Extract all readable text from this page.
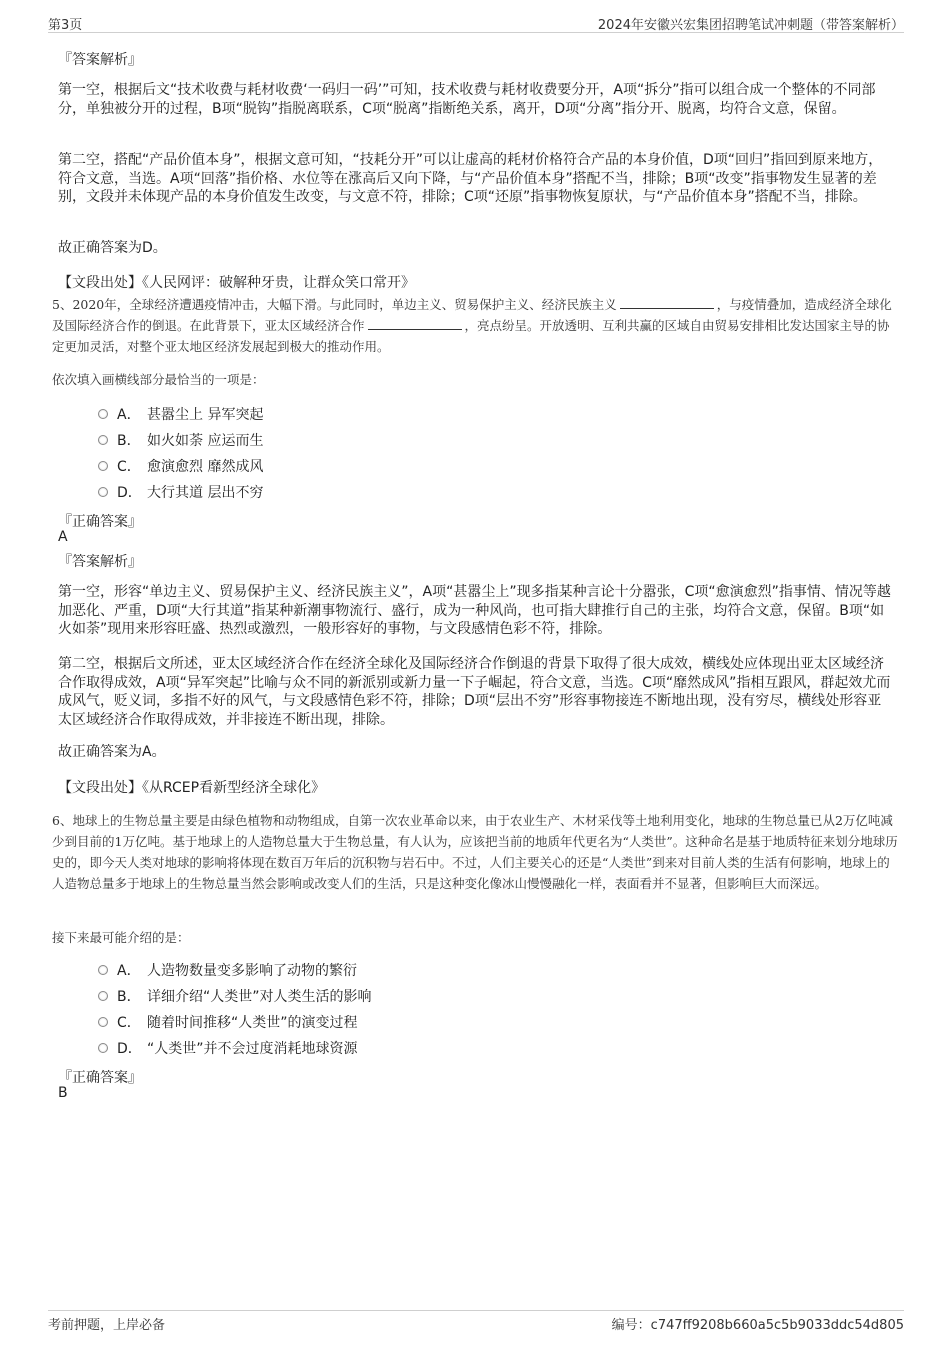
第3页	2024年安徽兴宏集团招聘笔试冲刺题（带答案解析）
『答案解析』
第一空，根据后文“技术收费与耗材收费‘一码归一码’”可知，技术收费与耗材收费要分开，A项“拆分”指可以组合成一个整体的不同部分，单独被分开的过程，B项“脱钩”指脱离联系，C项“脱离”指断绝关系，离开，D项“分离”指分开、脱离，均符合文意，保留。
第二空，搭配“产品价值本身”，根据文意可知，“技耗分开”可以让虚高的耗材价格符合产品的本身价值，D项“回归”指回到原来地方，符合文意，当选。A项“回落”指价格、水位等在涨高后又向下降，与“产品价值本身”搭配不当，排除；B项“改变”指事物发生显著的差别，文段并未体现产品的本身价值发生改变，与文意不符，排除；C项“还原”指事物恢复原状，与“产品价值本身”搭配不当，排除。
故正确答案为D。
【文段出处】《人民网评：破解种牙贵，让群众笑口常开》
5、2020年，全球经济遭遇疫情冲击，大幅下滑。与此同时，单边主义、贸易保护主义、经济民族主义	，与疫情叠加，造成经济全球化及国际经济合作的倒退。在此背景下，亚太区域经济合作	，亮点纷呈。开放透明、互利共赢的区域自由贸易安排相比发达国家主导的协定更加灵活，对整个亚太地区经济发展起到极大的推动作用。
依次填入画横线部分最恰当的一项是：
A． 甚嚣尘上 异军突起
B． 如火如荼 应运而生
C． 愈演愈烈 靡然成风
D． 大行其道 层出不穷
『正确答案』
A
『答案解析』
第一空，形容“单边主义、贸易保护主义、经济民族主义”，A项“甚嚣尘上”现多指某种言论十分嚣张，C项“愈演愈烈”指事情、情况等越加恶化、严重，D项“大行其道”指某种新潮事物流行、盛行，成为一种风尚，也可指大肆推行自己的主张，均符合文意，保留。B项“如火如荼”现用来形容旺盛、热烈或激烈，一般形容好的事物，与文段感情色彩不符，排除。
第二空，根据后文所述，亚太区域经济合作在经济全球化及国际经济合作倒退的背景下取得了很大成效，横线处应体现出亚太区域经济合作取得成效，A项“异军突起”比喻与众不同的新派别或新力量一下子崛起，符合文意，当选。C项“靡然成风”指相互跟风，群起效尤而成风气，贬义词，多指不好的风气，与文段感情色彩不符，排除；D项“层出不穷”形容事物接连不断地出现，没有穷尽，横线处形容亚太区域经济合作取得成效，并非接连不断出现，排除。
故正确答案为A。
【文段出处】《从RCEP看新型经济全球化》
6、地球上的生物总量主要是由绿色植物和动物组成，自第一次农业革命以来，由于农业生产、木材采伐等土地利用变化，地球的生物总量已从2万亿吨减少到目前的1万亿吨。基于地球上的人造物总量大于生物总量，有人认为，应该把当前的地质年代更名为“人类世”。这种命名是基于地质特征来划分地球历史的，即今天人类对地球的影响将体现在数百万年后的沉积物与岩石中。不过，人们主要关心的还是“人类世”到来对目前人类的生活有何影响，地球上的人造物总量多于地球上的生物总量当然会影响或改变人们的生活，只是这种变化像冰山慢慢融化一样，表面看并不显著，但影响巨大而深远。
接下来最可能介绍的是：
A． 人造物数量变多影响了动物的繁衍
B． 详细介绍“人类世”对人类生活的影响
C． 随着时间推移“人类世”的演变过程
D． “人类世”并不会过度消耗地球资源
『正确答案』
B
考前押题，上岸必备	编号：c747ff9208b660a5c5b9033ddc54d805
